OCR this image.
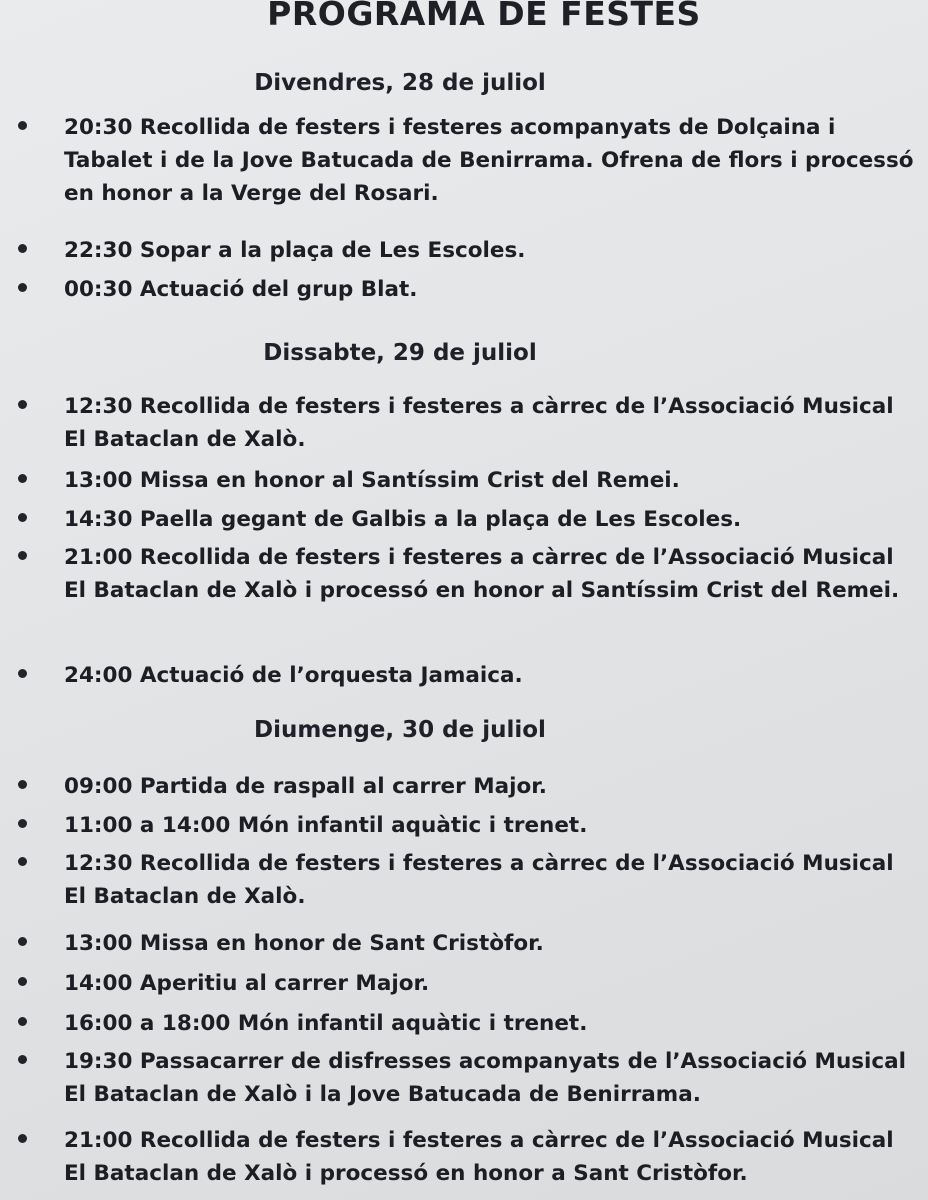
PROGRAMA DE FESTES
Divendres, 28 de juliol
20:30 Recollida de festers i festeres acompanyats de Dolçaina i Tabalet i de la Jove Batucada de Benirrama. Ofrena de flors i processó en honor a la Verge del Rosari.
22:30 Sopar a la plaça de Les Escoles.
00:30 Actuació del grup Blat.
Dissabte, 29 de juliol
12:30 Recollida de festers i festeres a càrrec de l’Associació Musical El Bataclan de Xalò.
13:00 Missa en honor al Santíssim Crist del Remei.
14:30 Paella gegant de Galbis a la plaça de Les Escoles.
21:00 Recollida de festers i festeres a càrrec de l’Associació Musical El Bataclan de Xalò i processó en honor al Santíssim Crist del Remei.
24:00 Actuació de l’orquesta Jamaica.
Diumenge, 30 de juliol
09:00 Partida de raspall al carrer Major.
11:00 a 14:00 Món infantil aquàtic i trenet.
12:30 Recollida de festers i festeres a càrrec de l’Associació Musical El Bataclan de Xalò.
13:00 Missa en honor de Sant Cristòfor.
14:00 Aperitiu al carrer Major.
16:00 a 18:00 Món infantil aquàtic i trenet.
19:30 Passacarrer de disfresses acompanyats de l’Associació Musical El Bataclan de Xalò i la Jove Batucada de Benirrama.
21:00 Recollida de festers i festeres a càrrec de l’Associació Musical El Bataclan de Xalò i processó en honor a Sant Cristòfor.
